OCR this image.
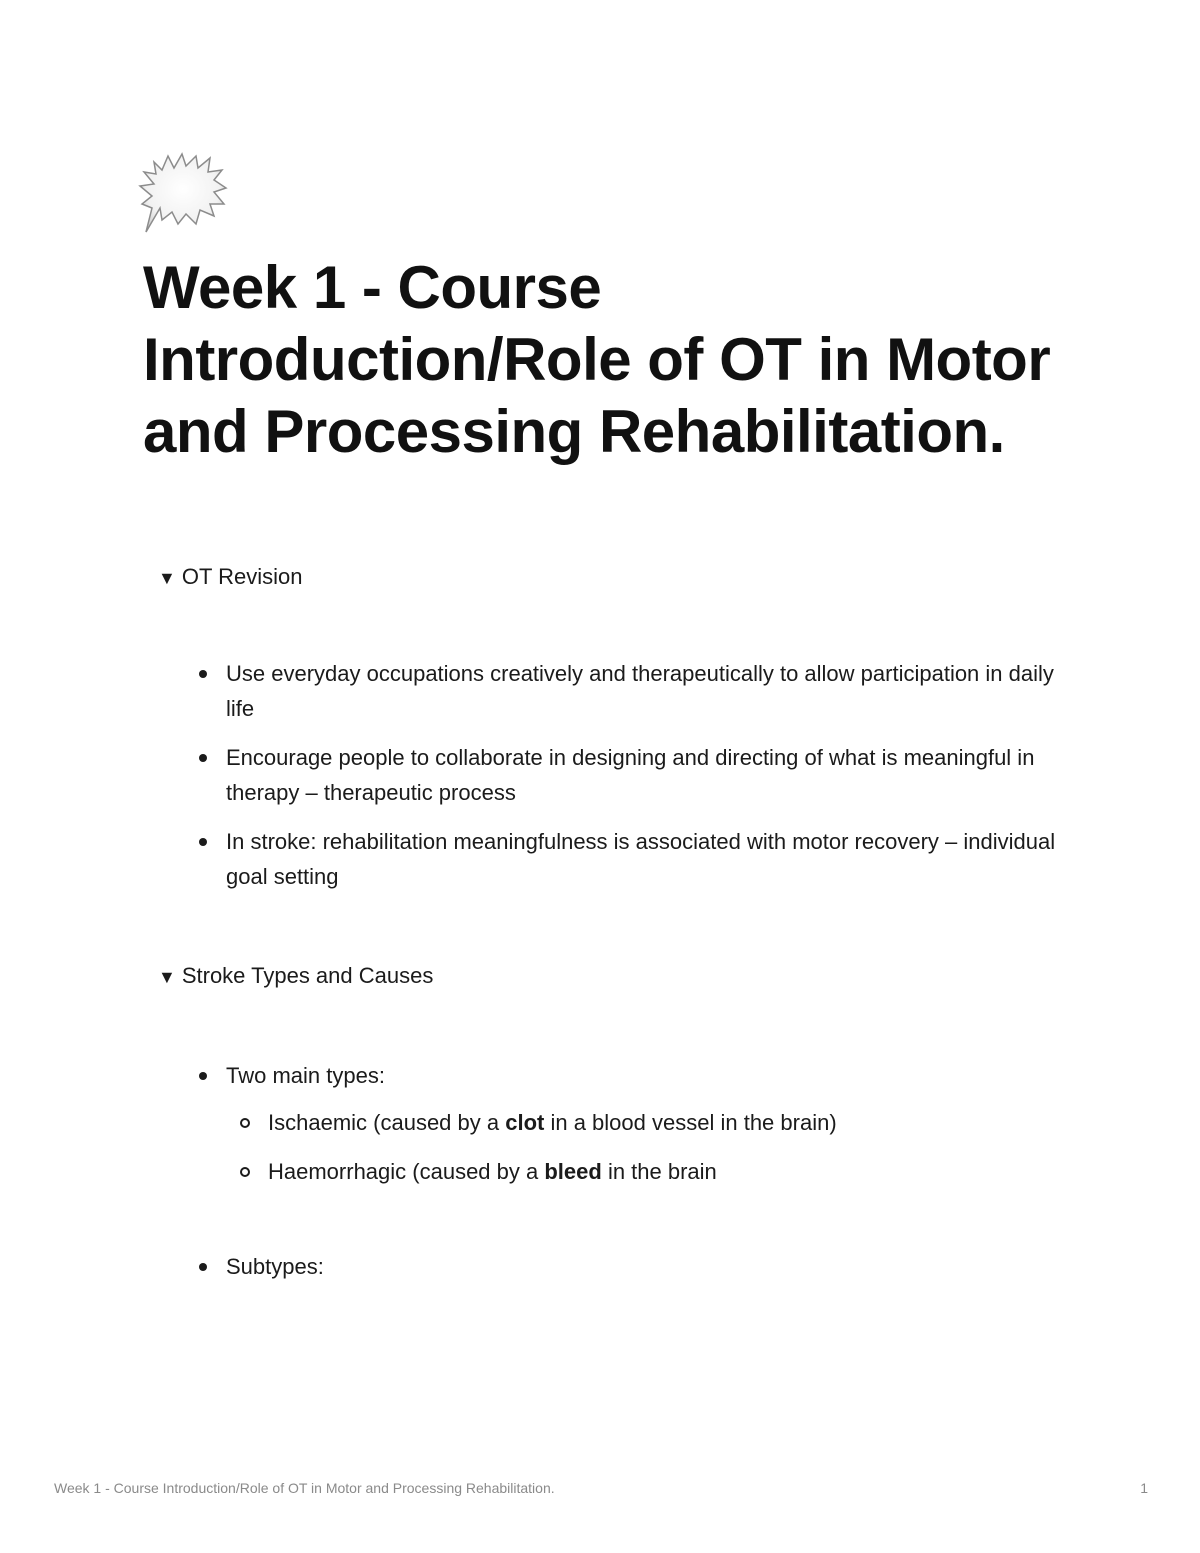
Week 1 - Course Introduction/Role of OT in Motor and Processing Rehabilitation.
▼ OT Revision
Use everyday occupations creatively and therapeutically to allow participation in daily life
Encourage people to collaborate in designing and directing of what is meaningful in therapy – therapeutic process
In stroke: rehabilitation meaningfulness is associated with motor recovery – individual goal setting
▼ Stroke Types and Causes
Two main types:
Ischaemic (caused by a clot in a blood vessel in the brain)
Haemorrhagic (caused by a bleed in the brain
Subtypes:
Week 1 - Course Introduction/Role of OT in Motor and Processing Rehabilitation.	1
